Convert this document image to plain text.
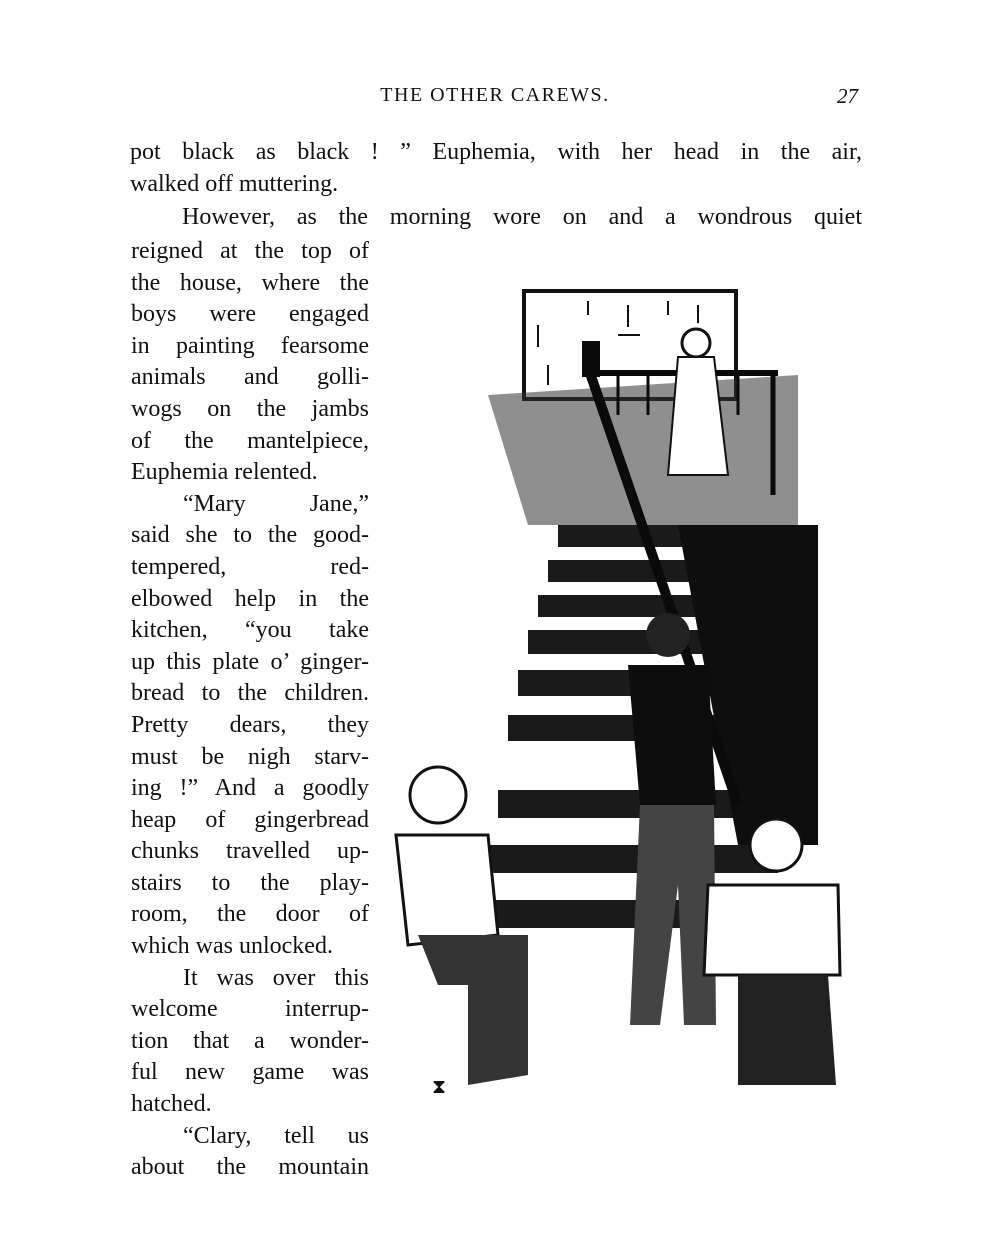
THE OTHER CAREWS.	27
pot black as black ! ” Euphemia, with her head in the air,
walked off muttering.
However, as the morning wore on and a wondrous quiet
reigned at the top of
the house, where the
boys were engaged
in painting fearsome
animals and golli-
wogs on the jambs
of the mantelpiece,
Euphemia relented.
“Mary Jane,”
said she to the good-
tempered, red-
elbowed help in the
kitchen, “you take
up this plate o’ ginger-
bread to the children.
Pretty dears, they
must be nigh starv-
ing !” And a goodly
heap of gingerbread
chunks travelled up-
stairs to the play-
room, the door of
which was unlocked.
It was over this
welcome interrup-
tion that a wonder-
ful new game was
hatched.
“Clary, tell us
about the mountain
⧗
